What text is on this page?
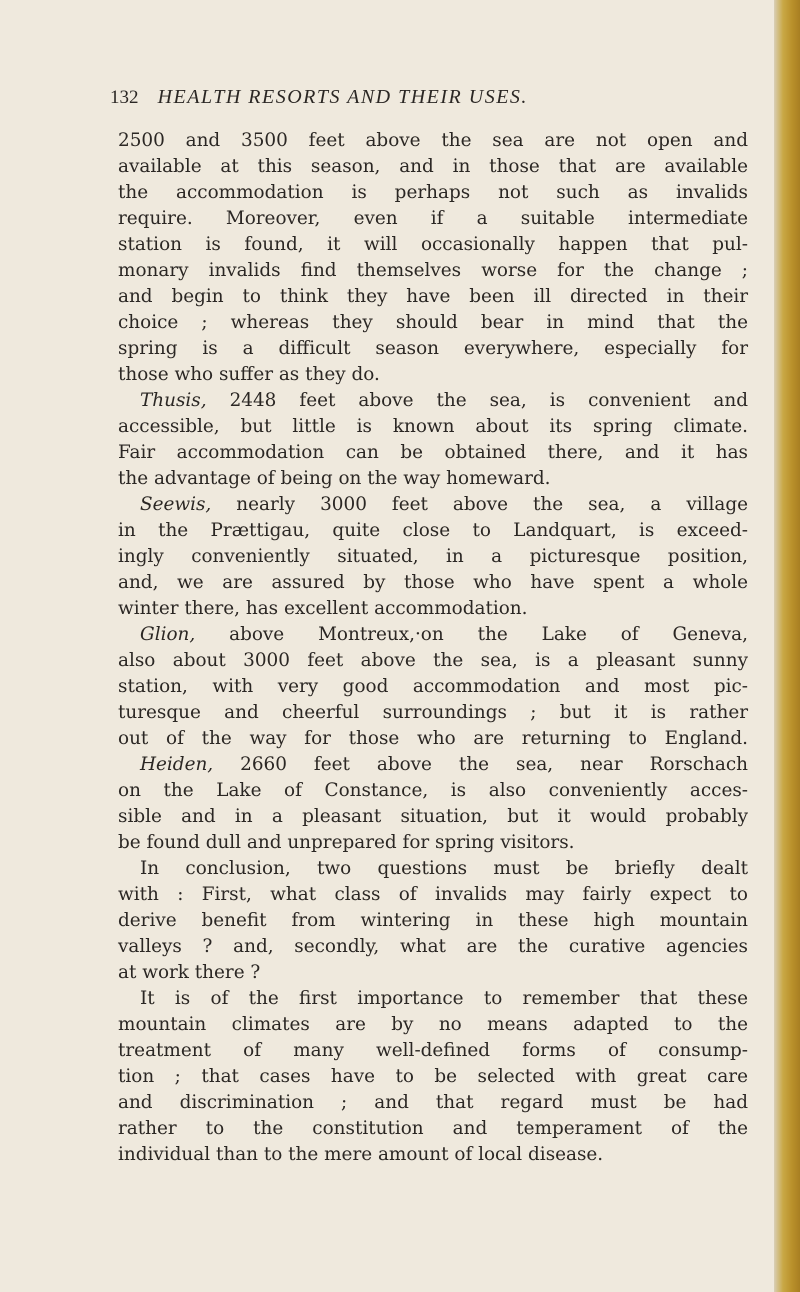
132 HEALTH RESORTS AND THEIR USES.
2500 and 3500 feet above the sea are not open and
available at this season, and in those that are available
the accommodation is perhaps not such as invalids
require. Moreover, even if a suitable intermediate
station is found, it will occasionally happen that pul-
monary invalids find themselves worse for the change ;
and begin to think they have been ill directed in their
choice ; whereas they should bear in mind that the
spring is a difficult season everywhere, especially for
those who suffer as they do.
Thusis, 2448 feet above the sea, is convenient and
accessible, but little is known about its spring climate.
Fair accommodation can be obtained there, and it has
the advantage of being on the way homeward.
Seewis, nearly 3000 feet above the sea, a village
in the Prættigau, quite close to Landquart, is exceed-
ingly conveniently situated, in a picturesque position,
and, we are assured by those who have spent a whole
winter there, has excellent accommodation.
Glion, above Montreux,·on the Lake of Geneva,
also about 3000 feet above the sea, is a pleasant sunny
station, with very good accommodation and most pic-
turesque and cheerful surroundings ; but it is rather
out of the way for those who are returning to England.
Heiden, 2660 feet above the sea, near Rorschach
on the Lake of Constance, is also conveniently acces-
sible and in a pleasant situation, but it would probably
be found dull and unprepared for spring visitors.
In conclusion, two questions must be briefly dealt
with : First, what class of invalids may fairly expect to
derive benefit from wintering in these high mountain
valleys ? and, secondly, what are the curative agencies
at work there ?
It is of the first importance to remember that these
mountain climates are by no means adapted to the
treatment of many well-defined forms of consump-
tion ; that cases have to be selected with great care
and discrimination ; and that regard must be had
rather to the constitution and temperament of the
individual than to the mere amount of local disease.
